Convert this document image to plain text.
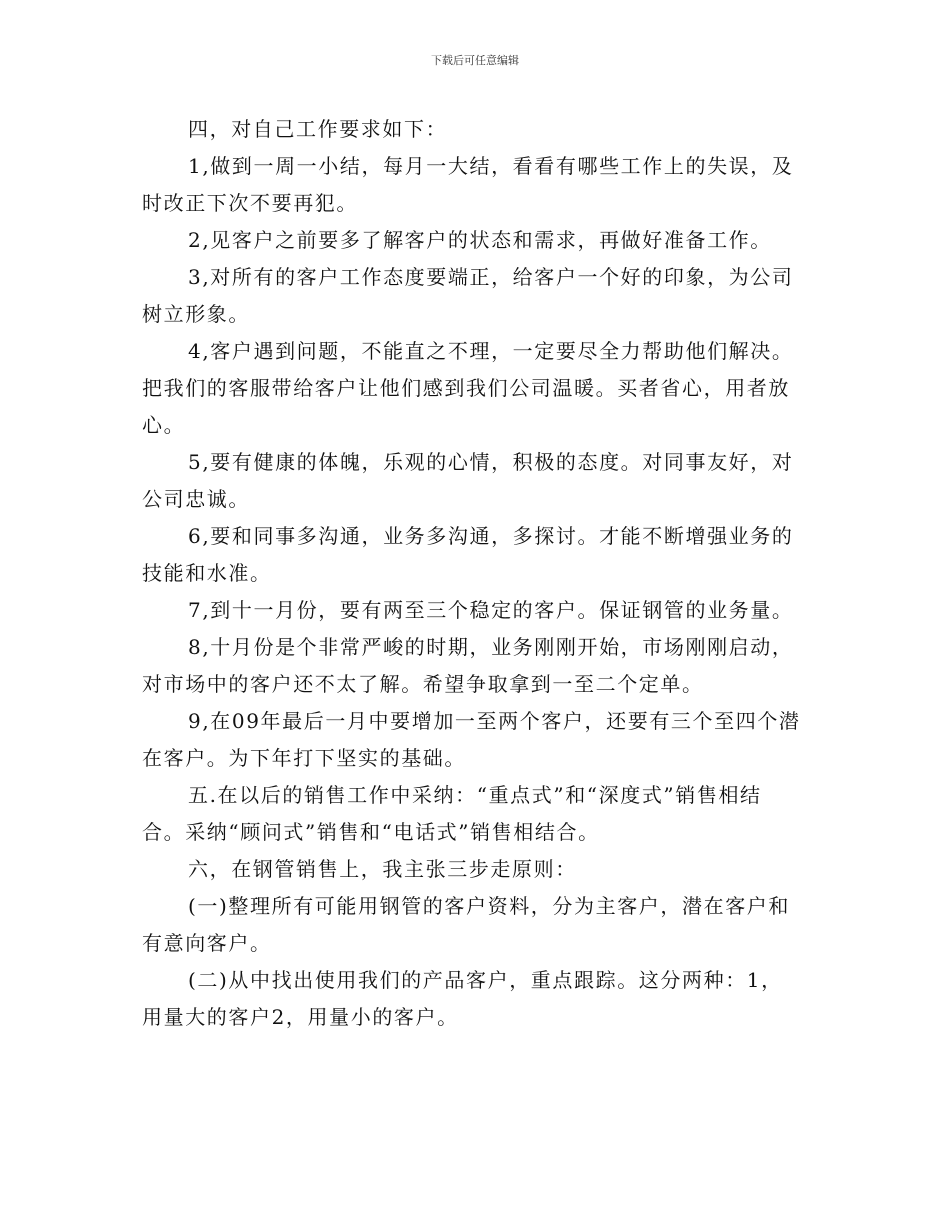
下载后可任意编辑

四，对自己工作要求如下：

1,做到一周一小结，每月一大结，看看有哪些工作上的失误，及时改正下次不要再犯。

2,见客户之前要多了解客户的状态和需求，再做好准备工作。

3,对所有的客户工作态度要端正，给客户一个好的印象，为公司树立形象。

4,客户遇到问题，不能直之不理，一定要尽全力帮助他们解决。把我们的客服带给客户让他们感到我们公司温暖。买者省心，用者放心。

5,要有健康的体魄，乐观的心情，积极的态度。对同事友好，对公司忠诚。

6,要和同事多沟通，业务多沟通，多探讨。才能不断增强业务的技能和水准。

7,到十一月份，要有两至三个稳定的客户。保证钢管的业务量。

8,十月份是个非常严峻的时期，业务刚刚开始，市场刚刚启动，对市场中的客户还不太了解。希望争取拿到一至二个定单。

9,在09年最后一月中要增加一至两个客户，还要有三个至四个潜在客户。为下年打下坚实的基础。

五.在以后的销售工作中采纳：“重点式”和“深度式”销售相结合。采纳“顾问式”销售和“电话式”销售相结合。

六，在钢管销售上，我主张三步走原则：

(一)整理所有可能用钢管的客户资料，分为主客户，潜在客户和有意向客户。

(二)从中找出使用我们的产品客户，重点跟踪。这分两种：1，用量大的客户2，用量小的客户。
